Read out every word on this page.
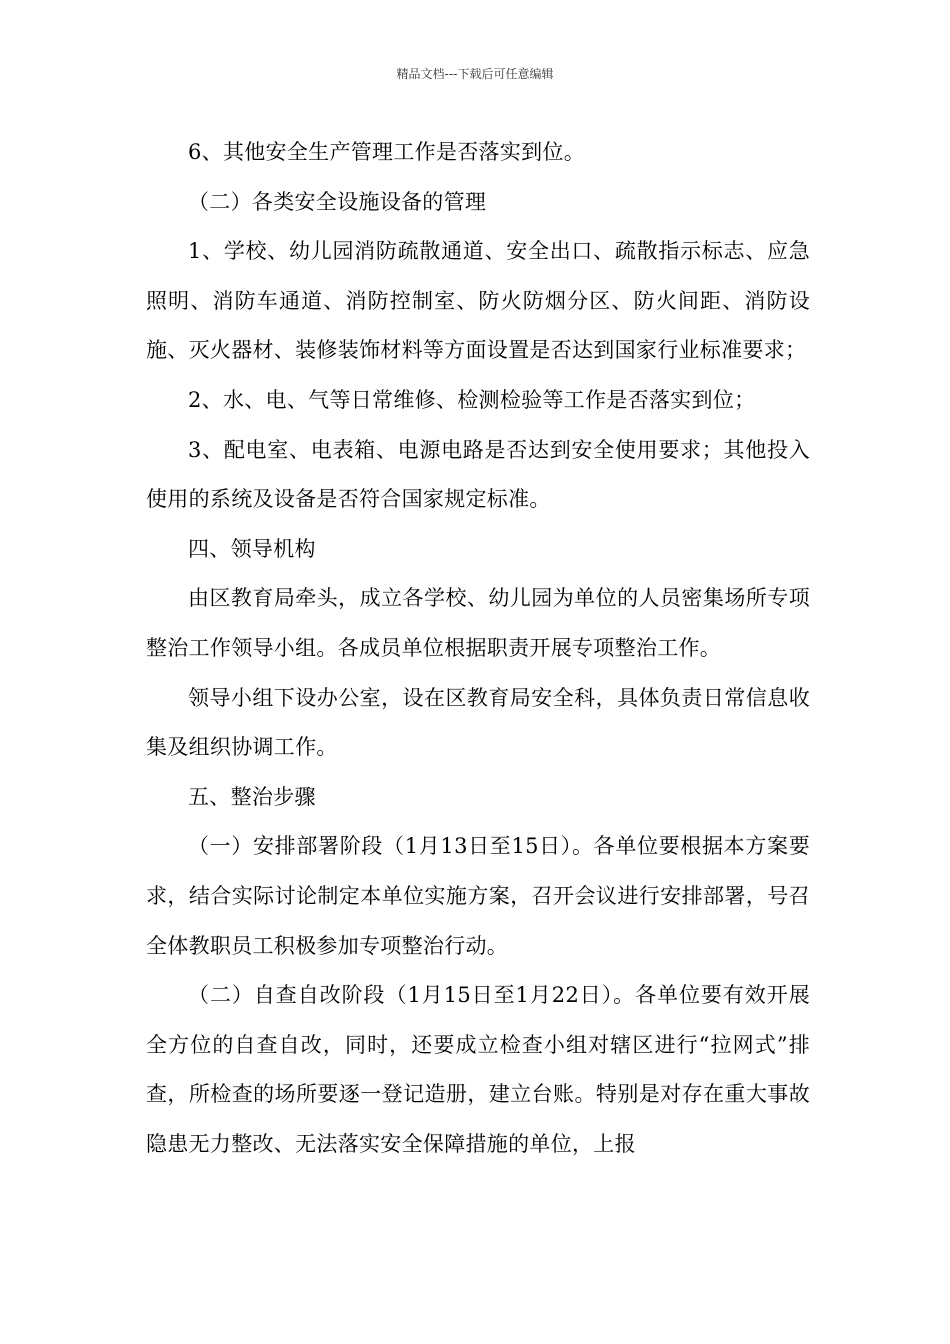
精品文档---下载后可任意编辑

6、其他安全生产管理工作是否落实到位。

（二）各类安全设施设备的管理

1、学校、幼儿园消防疏散通道、安全出口、疏散指示标志、应急照明、消防车通道、消防控制室、防火防烟分区、防火间距、消防设施、灭火器材、装修装饰材料等方面设置是否达到国家行业标准要求；

2、水、电、气等日常维修、检测检验等工作是否落实到位；

3、配电室、电表箱、电源电路是否达到安全使用要求；其他投入使用的系统及设备是否符合国家规定标准。

四、领导机构

由区教育局牵头，成立各学校、幼儿园为单位的人员密集场所专项整治工作领导小组。各成员单位根据职责开展专项整治工作。

领导小组下设办公室，设在区教育局安全科，具体负责日常信息收集及组织协调工作。

五、整治步骤

（一）安排部署阶段（1月13日至15日）。各单位要根据本方案要求，结合实际讨论制定本单位实施方案，召开会议进行安排部署，号召全体教职员工积极参加专项整治行动。

（二）自查自改阶段（1月15日至1月22日）。各单位要有效开展全方位的自查自改，同时，还要成立检查小组对辖区进行“拉网式”排查，所检查的场所要逐一登记造册，建立台账。特别是对存在重大事故隐患无力整改、无法落实安全保障措施的单位，上报
